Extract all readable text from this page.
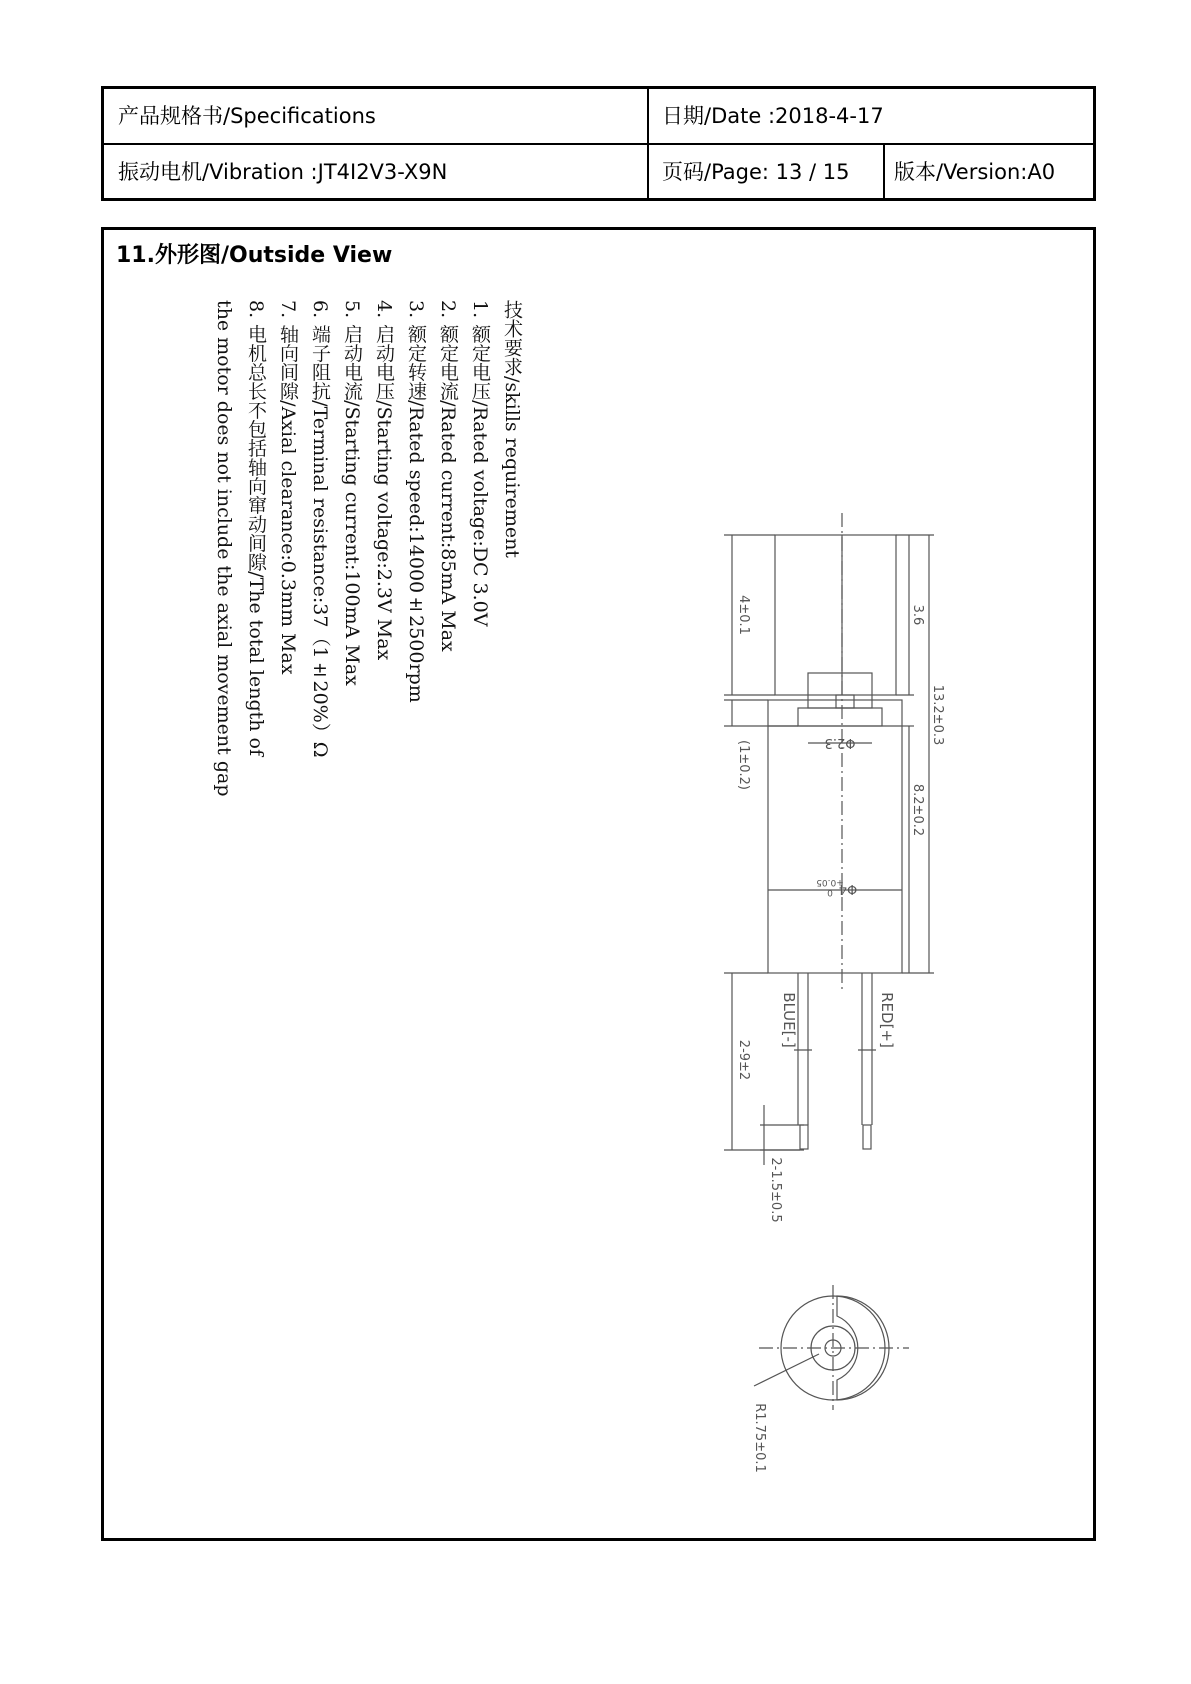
产品规格书/Specifications	日期/Date :2018-4-17
振动电机/Vibration :JT4I2V3-X9N	页码/Page: 13 / 15 版本/Version:A0
11.外形图/Outside View
技术要求/skills requirement
1. 额定电压/Rated voltage:DC 3.0V
2. 额定电流/Rated current:85mA Max
3. 额定转速/Rated speed:14000±2500rpm
4. 启动电压/Starting voltage:2.3V Max
5. 启动电流/Starting current:100mA Max
6. 端子阻抗/Terminal resistance:37（1±20%）Ω
7. 轴向间隙/Axial clearance:0.3mm Max
8. 电机总长不包括轴向窜动间隙/The total length of
the motor does not include the axial movement gap	4±0.1	3.6
13.2±0.3
Φ2.3
(1±0.2)
8.2±0.2
Φ4
+0.05
0
2-9±2
2-1.5±0.5
BLUE[-]	RED[+]
R1.75±0.1
